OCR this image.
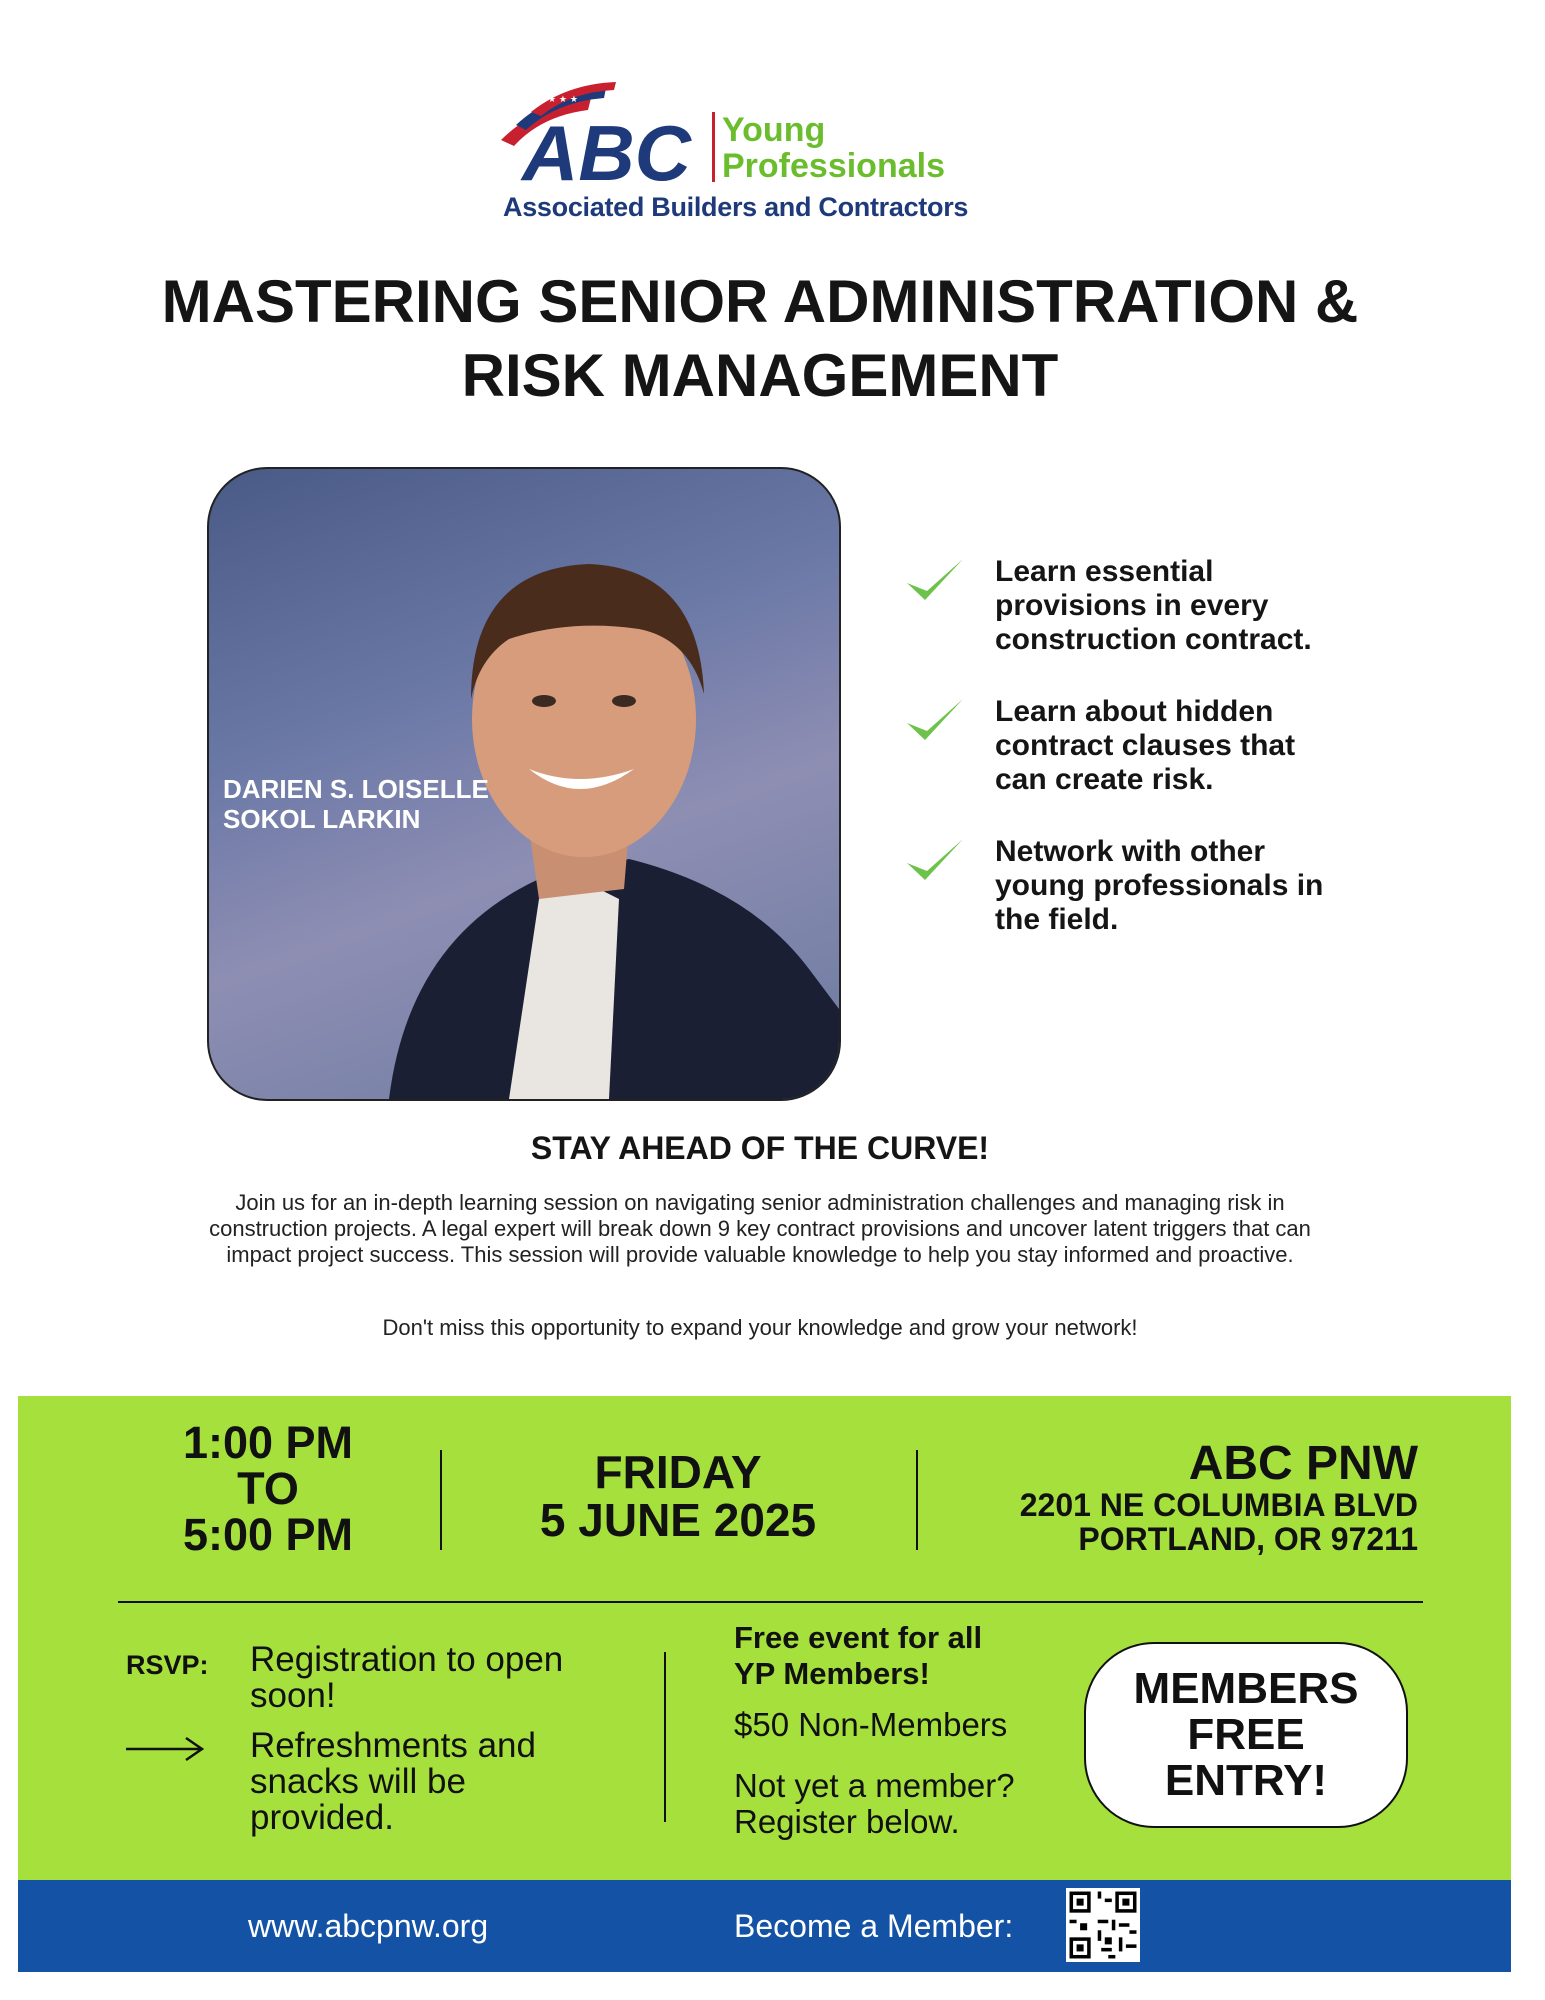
★ ★ ★
ABC Young
Professionals
Associated Builders and Contractors
MASTERING SENIOR ADMINISTRATION &
RISK MANAGEMENT
DARIEN S. LOISELLE
SOKOL LARKIN
Learn essential provisions in every construction contract.
Learn about hidden contract clauses that can create risk.
Network with other young professionals in the field.
STAY AHEAD OF THE CURVE!
Join us for an in-depth learning session on navigating senior administration challenges and managing risk in construction projects. A legal expert will break down 9 key contract provisions and uncover latent triggers that can impact project success. This session will provide valuable knowledge to help you stay informed and proactive.
Don't miss this opportunity to expand your knowledge and grow your network!
1:00 PM
TO
5:00 PM
FRIDAY
5 JUNE 2025
ABC PNW
2201 NE COLUMBIA BLVD
PORTLAND, OR 97211
RSVP: Registration to open soon!
Refreshments and snacks will be provided.
Free event for all
YP Members!
$50 Non-Members
Not yet a member?
Register below.
MEMBERS
FREE
ENTRY!
www.abcpnw.org	Become a Member:
